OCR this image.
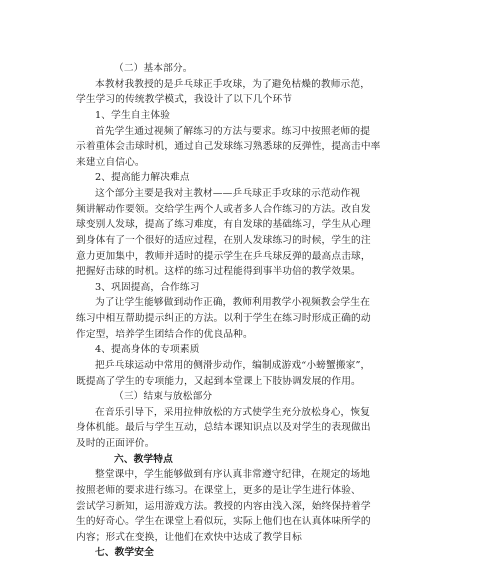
（二）基本部分。
本教材我教授的是乒乓球正手攻球，为了避免枯燥的教师示范，
学生学习的传统教学模式，我设计了以下几个环节
1、学生自主体验
首先学生通过视频了解练习的方法与要求。练习中按照老师的提
示着重体会击球时机，通过自己发球练习熟悉球的反弹性，提高击中率
来建立自信心。
2、提高能力解决难点
这个部分主要是我对主教材——乒乓球正手攻球的示范动作视
频讲解动作要领。交给学生两个人或者多人合作练习的方法。改自发
球变别人发球，提高了练习难度，有自发球的基础练习，学生从心理
到身体有了一个很好的适应过程，在别人发球练习的时候，学生的注
意力更加集中，教师并适时的提示学生在乒乓球反弹的最高点击球，
把握好击球的时机。这样的练习过程能得到事半功倍的教学效果。
3、巩固提高，合作练习
为了让学生能够做到动作正确，教师利用教学小视频教会学生在
练习中相互帮助提示纠正的方法。以利于学生在练习时形成正确的动
作定型，培养学生团结合作的优良品种。
4、提高身体的专项素质
把乒乓球运动中常用的侧滑步动作，编制成游戏“小螃蟹搬家”，
既提高了学生的专项能力，又起到本堂课上下肢协调发展的作用。
（三）结束与放松部分
在音乐引导下，采用拉伸放松的方式使学生充分放松身心，恢复
身体机能。最后与学生互动，总结本课知识点以及对学生的表现做出
及时的正面评价。
六、教学特点
整堂课中，学生能够做到有序认真非常遵守纪律，在规定的场地
按照老师的要求进行练习。在课堂上，更多的是让学生进行体验、
尝试学习新知，运用游戏方法。教授的内容由浅入深，始终保持着学
生的好奇心。学生在课堂上看似玩，实际上他们也在认真体味所学的
内容；形式在变换，让他们在欢快中达成了教学目标
七、教学安全
